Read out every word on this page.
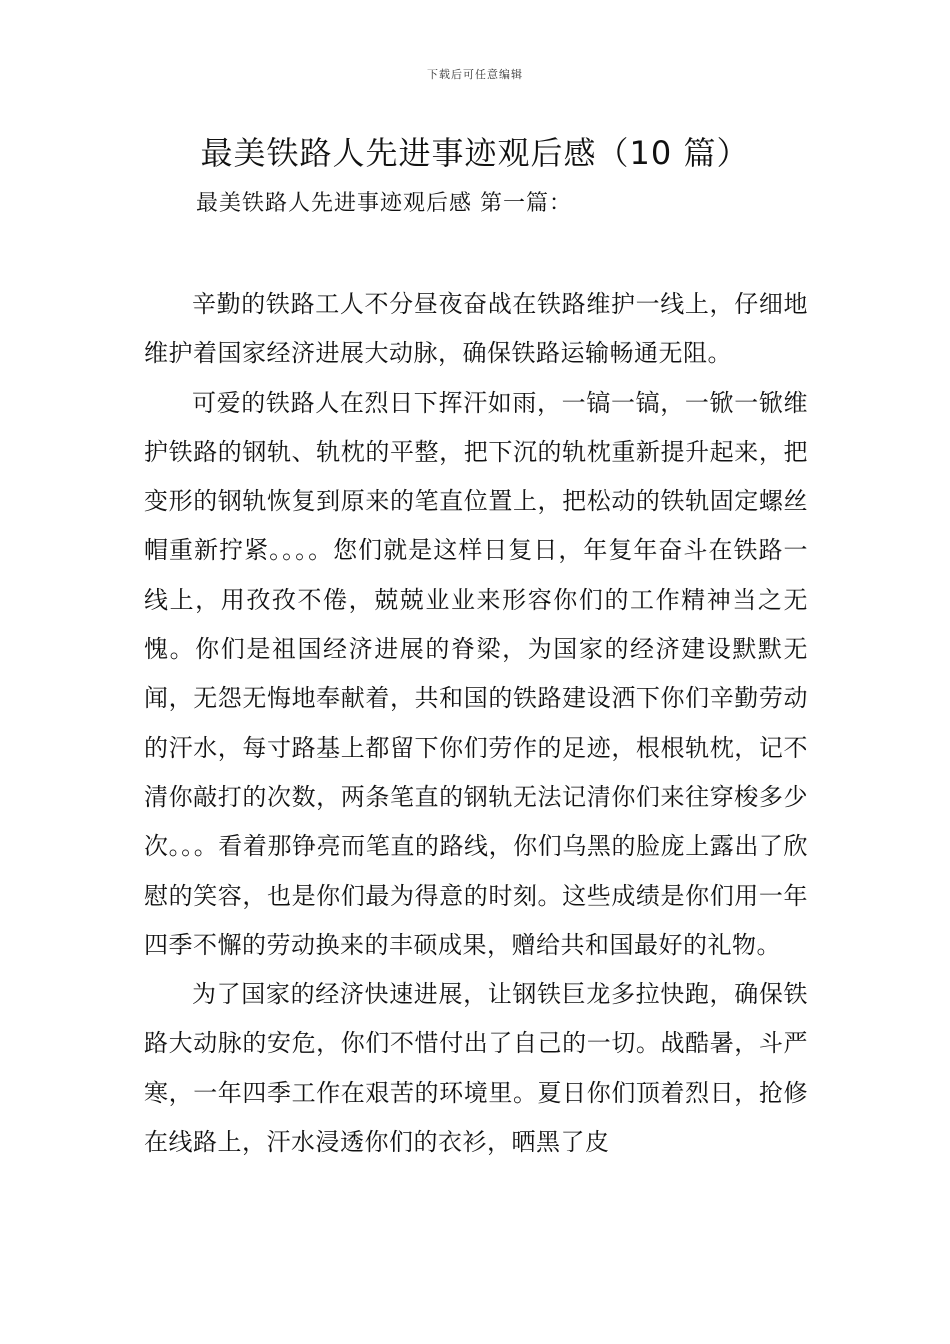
下载后可任意编辑
最美铁路人先进事迹观后感（10 篇）
最美铁路人先进事迹观后感 第一篇：

辛勤的铁路工人不分昼夜奋战在铁路维护一线上，仔细地维护着国家经济进展大动脉，确保铁路运输畅通无阻。

可爱的铁路人在烈日下挥汗如雨，一镐一镐，一锨一锨维护铁路的钢轨、轨枕的平整，把下沉的轨枕重新提升起来，把变形的钢轨恢复到原来的笔直位置上，把松动的铁轨固定螺丝帽重新拧紧。。。。您们就是这样日复日，年复年奋斗在铁路一线上，用孜孜不倦，兢兢业业来形容你们的工作精神当之无愧。你们是祖国经济进展的脊梁，为国家的经济建设默默无闻，无怨无悔地奉献着，共和国的铁路建设洒下你们辛勤劳动的汗水，每寸路基上都留下你们劳作的足迹，根根轨枕，记不清你敲打的次数，两条笔直的钢轨无法记清你们来往穿梭多少次。。。看着那铮亮而笔直的路线，你们乌黑的脸庞上露出了欣慰的笑容，也是你们最为得意的时刻。这些成绩是你们用一年四季不懈的劳动换来的丰硕成果，赠给共和国最好的礼物。

为了国家的经济快速进展，让钢铁巨龙多拉快跑，确保铁路大动脉的安危，你们不惜付出了自己的一切。战酷暑，斗严寒，一年四季工作在艰苦的环境里。夏日你们顶着烈日，抢修在线路上，汗水浸透你们的衣衫，晒黑了皮
